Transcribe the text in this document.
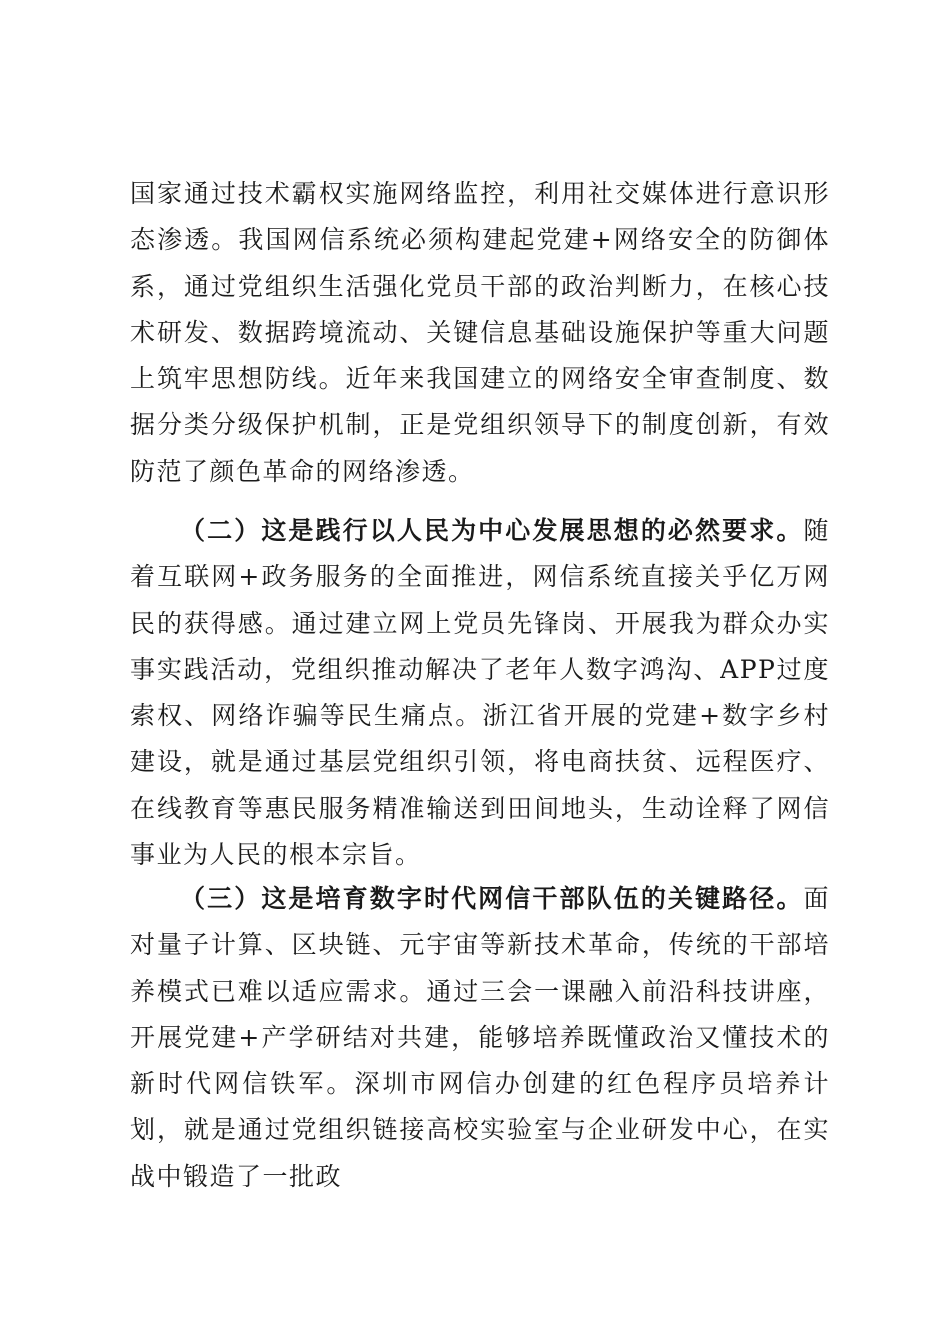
国家通过技术霸权实施网络监控，利用社交媒体进行意识形态渗透。我国网信系统必须构建起党建+网络安全的防御体系，通过党组织生活强化党员干部的政治判断力，在核心技术研发、数据跨境流动、关键信息基础设施保护等重大问题上筑牢思想防线。近年来我国建立的网络安全审查制度、数据分类分级保护机制，正是党组织领导下的制度创新，有效防范了颜色革命的网络渗透。

（二）这是践行以人民为中心发展思想的必然要求。随着互联网+政务服务的全面推进，网信系统直接关乎亿万网民的获得感。通过建立网上党员先锋岗、开展我为群众办实事实践活动，党组织推动解决了老年人数字鸿沟、APP过度索权、网络诈骗等民生痛点。浙江省开展的党建+数字乡村建设，就是通过基层党组织引领，将电商扶贫、远程医疗、在线教育等惠民服务精准输送到田间地头，生动诠释了网信事业为人民的根本宗旨。

（三）这是培育数字时代网信干部队伍的关键路径。面对量子计算、区块链、元宇宙等新技术革命，传统的干部培养模式已难以适应需求。通过三会一课融入前沿科技讲座，开展党建+产学研结对共建，能够培养既懂政治又懂技术的新时代网信铁军。深圳市网信办创建的红色程序员培养计划，就是通过党组织链接高校实验室与企业研发中心，在实战中锻造了一批政
